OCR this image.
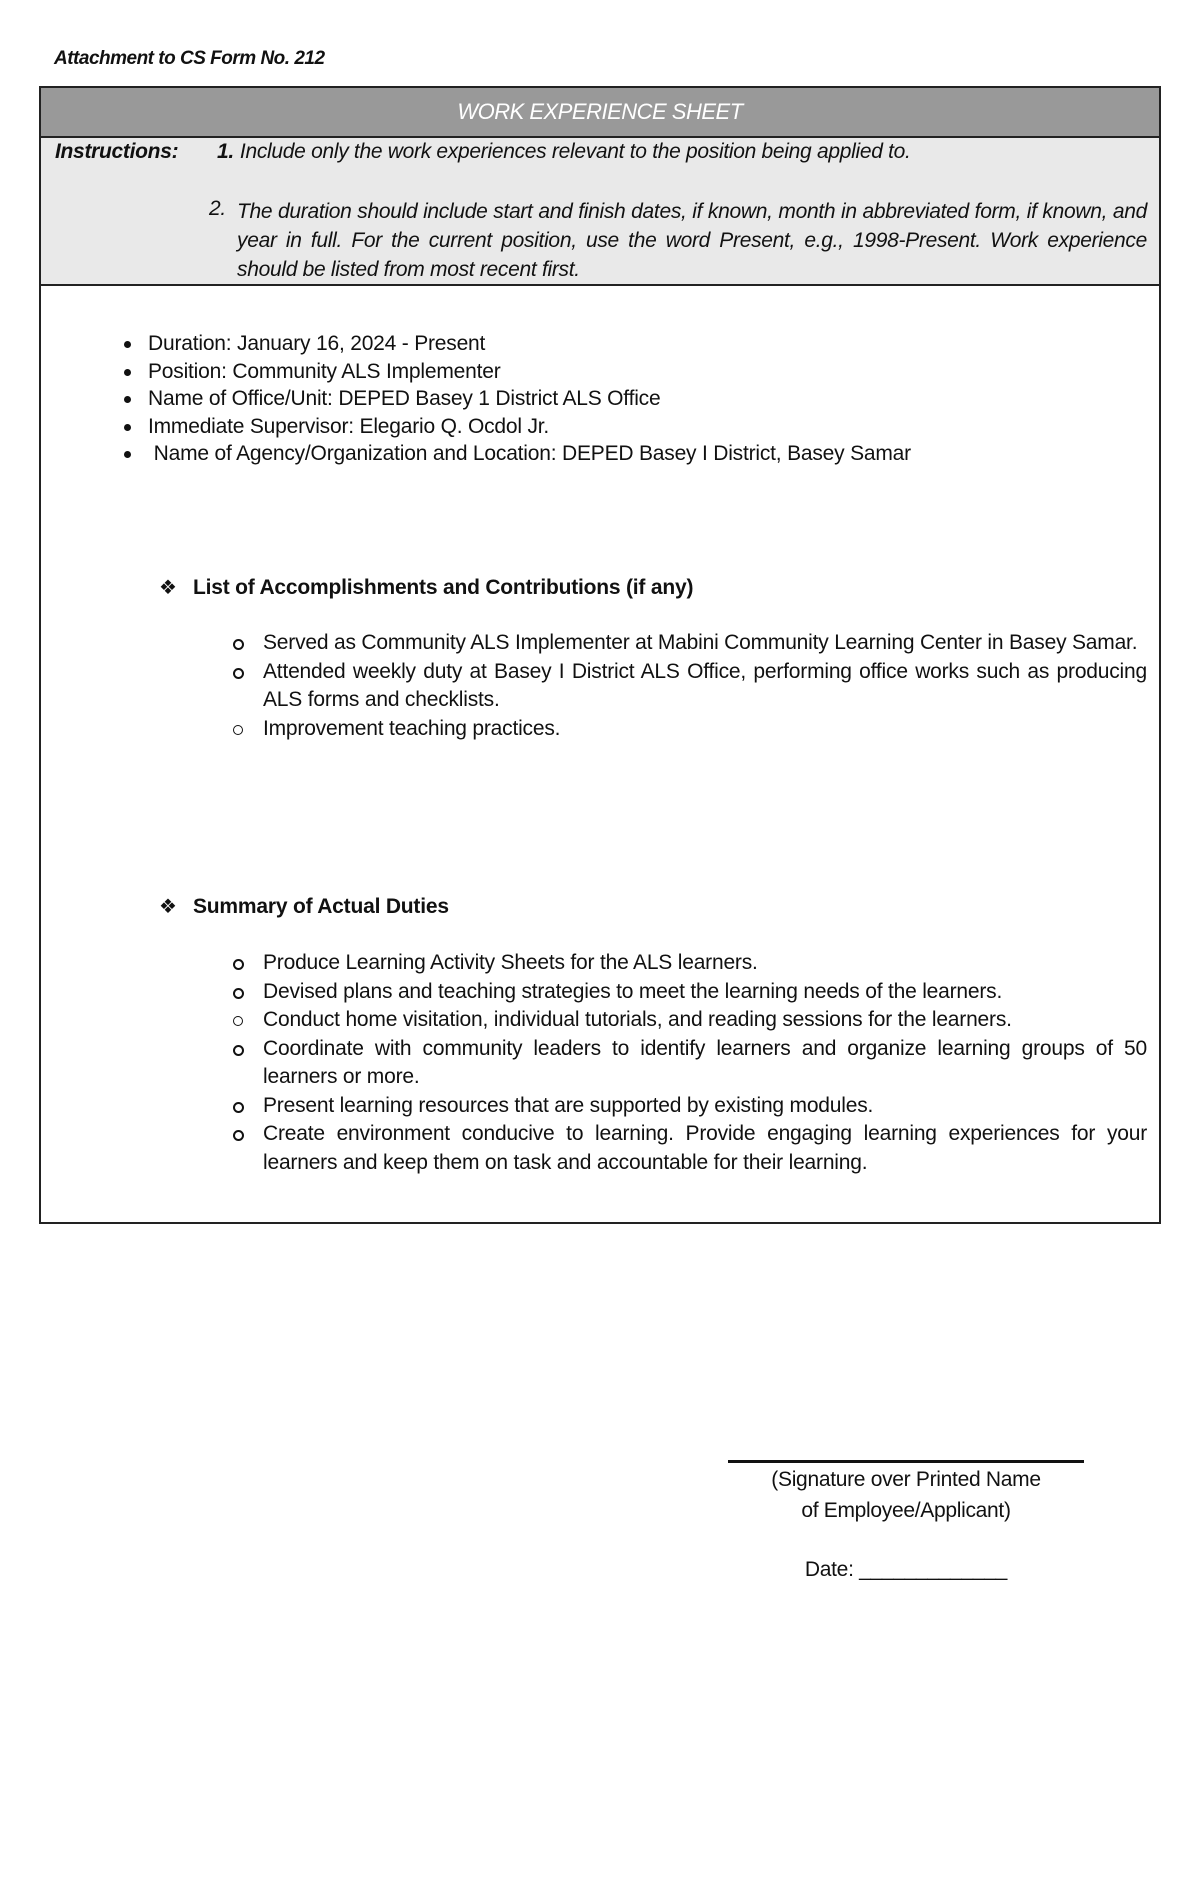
Attachment to CS Form No. 212
WORK EXPERIENCE SHEET
Instructions: 1. Include only the work experiences relevant to the position being applied to.
2. The duration should include start and finish dates, if known, month in abbreviated form, if known, and year in full. For the current position, use the word Present, e.g., 1998-Present. Work experience should be listed from most recent first.
Duration: January 16, 2024 - Present
Position: Community ALS Implementer
Name of Office/Unit: DEPED Basey 1 District ALS Office
Immediate Supervisor: Elegario Q. Ocdol Jr.
Name of Agency/Organization and Location: DEPED Basey I District, Basey Samar
❖ List of Accomplishments and Contributions (if any)
Served as Community ALS Implementer at Mabini Community Learning Center in Basey Samar.
Attended weekly duty at Basey I District ALS Office, performing office works such as producing ALS forms and checklists.
Improvement teaching practices.
❖ Summary of Actual Duties
Produce Learning Activity Sheets for the ALS learners.
Devised plans and teaching strategies to meet the learning needs of the learners.
Conduct home visitation, individual tutorials, and reading sessions for the learners.
Coordinate with community leaders to identify learners and organize learning groups of 50 learners or more.
Present learning resources that are supported by existing modules.
Create environment conducive to learning. Provide engaging learning experiences for your learners and keep them on task and accountable for their learning.
(Signature over Printed Name
of Employee/Applicant)
Date: _____________
